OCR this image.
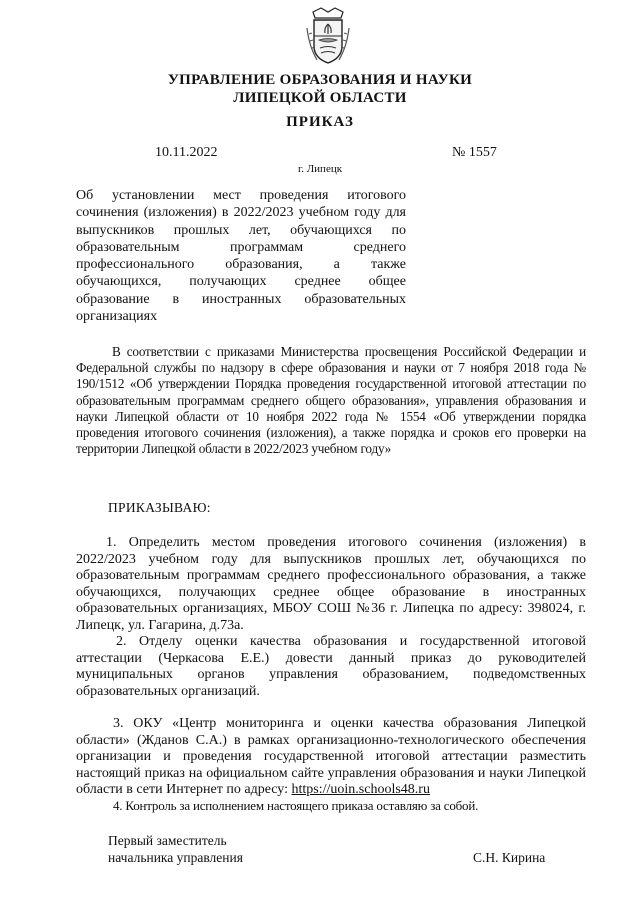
УПРАВЛЕНИЕ ОБРАЗОВАНИЯ И НАУКИ
ЛИПЕЦКОЙ ОБЛАСТИ
ПРИКАЗ
10.11.2022	№ 1557
г. Липецк
Об установлении мест проведения итогового сочинения (изложения) в 2022/2023 учебном году для выпускников прошлых лет, обучающихся по образовательным программам среднего профессионального образования, а также обучающихся, получающих среднее общее образование в иностранных образовательных организациях
В соответствии с приказами Министерства просвещения Российской Федерации и Федеральной службы по надзору в сфере образования и науки от 7 ноября 2018 года № 190/1512 «Об утверждении Порядка проведения государственной итоговой аттестации по образовательным программам среднего общего образования», управления образования и науки Липецкой области от 10 ноября 2022 года № 1554 «Об утверждении порядка проведения итогового сочинения (изложения), а также порядка и сроков его проверки на территории Липецкой области в 2022/2023 учебном году»
ПРИКАЗЫВАЮ:
1. Определить местом проведения итогового сочинения (изложения) в 2022/2023 учебном году для выпускников прошлых лет, обучающихся по образовательным программам среднего профессионального образования, а также обучающихся, получающих среднее общее образование в иностранных образовательных организациях, МБОУ СОШ №36 г. Липецка по адресу: 398024, г. Липецк, ул. Гагарина, д.73а.
2. Отделу оценки качества образования и государственной итоговой аттестации (Черкасова Е.Е.) довести данный приказ до руководителей муниципальных органов управления образованием, подведомственных образовательных организаций.
3. ОКУ «Центр мониторинга и оценки качества образования Липецкой области» (Жданов С.А.) в рамках организационно-технологического обеспечения организации и проведения государственной итоговой аттестации разместить настоящий приказ на официальном сайте управления образования и науки Липецкой области в сети Интернет по адресу: https://uoin.schools48.ru
4. Контроль за исполнением настоящего приказа оставляю за собой.
Первый заместитель
начальника управления	С.Н. Кирина
